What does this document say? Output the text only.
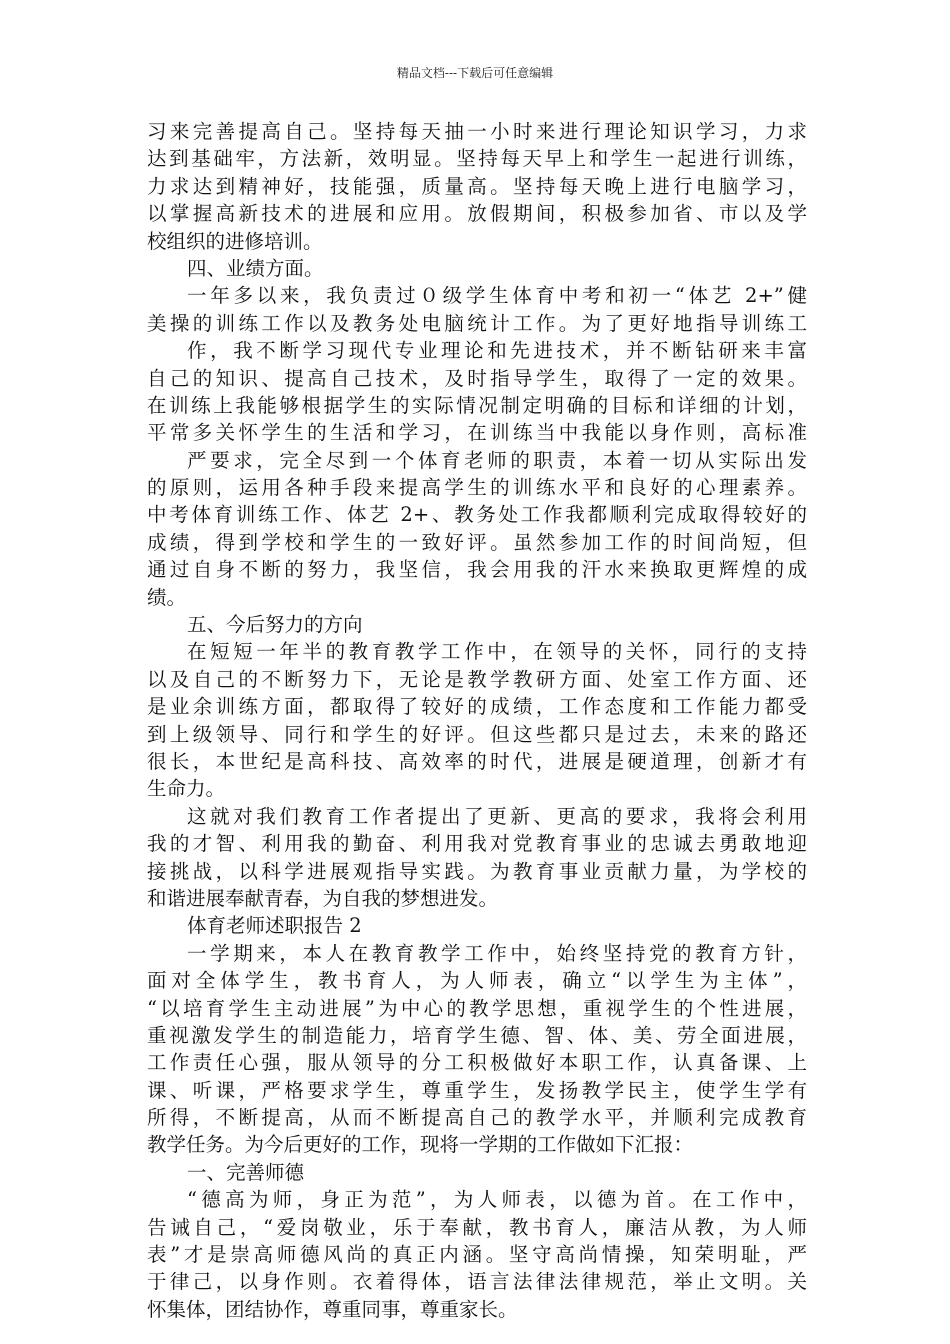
精品文档---下载后可任意编辑
习来完善提高自己。坚持每天抽一小时来进行理论知识学习，力求
达到基础牢，方法新，效明显。坚持每天早上和学生一起进行训练，
力求达到精神好，技能强，质量高。坚持每天晚上进行电脑学习，
以掌握高新技术的进展和应用。放假期间，积极参加省、市以及学
校组织的进修培训。
四、业绩方面。
一年多以来，我负责过０级学生体育中考和初一“体艺 2+”健
美操的训练工作以及教务处电脑统计工作。为了更好地指导训练工
作，我不断学习现代专业理论和先进技术，并不断钻研来丰富
自己的知识、提高自己技术，及时指导学生，取得了一定的效果。
在训练上我能够根据学生的实际情况制定明确的目标和详细的计划，
平常多关怀学生的生活和学习，在训练当中我能以身作则，高标准
严要求，完全尽到一个体育老师的职责，本着一切从实际出发
的原则，运用各种手段来提高学生的训练水平和良好的心理素养。
中考体育训练工作、体艺 2+、教务处工作我都顺利完成取得较好的
成绩，得到学校和学生的一致好评。虽然参加工作的时间尚短，但
通过自身不断的努力，我坚信，我会用我的汗水来换取更辉煌的成
绩。
五、今后努力的方向
在短短一年半的教育教学工作中，在领导的关怀，同行的支持
以及自己的不断努力下，无论是教学教研方面、处室工作方面、还
是业余训练方面，都取得了较好的成绩，工作态度和工作能力都受
到上级领导、同行和学生的好评。但这些都只是过去，未来的路还
很长，本世纪是高科技、高效率的时代，进展是硬道理，创新才有
生命力。
这就对我们教育工作者提出了更新、更高的要求，我将会利用
我的才智、利用我的勤奋、利用我对党教育事业的忠诚去勇敢地迎
接挑战，以科学进展观指导实践。为教育事业贡献力量，为学校的
和谐进展奉献青春，为自我的梦想进发。
体育老师述职报告 2
一学期来，本人在教育教学工作中，始终坚持党的教育方针，
面对全体学生，教书育人，为人师表，确立“以学生为主体”，
“以培育学生主动进展”为中心的教学思想，重视学生的个性进展，
重视激发学生的制造能力，培育学生德、智、体、美、劳全面进展，
工作责任心强，服从领导的分工积极做好本职工作，认真备课、上
课、听课，严格要求学生，尊重学生，发扬教学民主，使学生学有
所得，不断提高，从而不断提高自己的教学水平，并顺利完成教育
教学任务。为今后更好的工作，现将一学期的工作做如下汇报：
一、完善师德
“德高为师，身正为范”，为人师表，以德为首。在工作中，
告诫自己，“爱岗敬业，乐于奉献，教书育人，廉洁从教，为人师
表”才是崇高师德风尚的真正内涵。坚守高尚情操，知荣明耻，严
于律己，以身作则。衣着得体，语言法律法律规范，举止文明。关
怀集体，团结协作，尊重同事，尊重家长。
